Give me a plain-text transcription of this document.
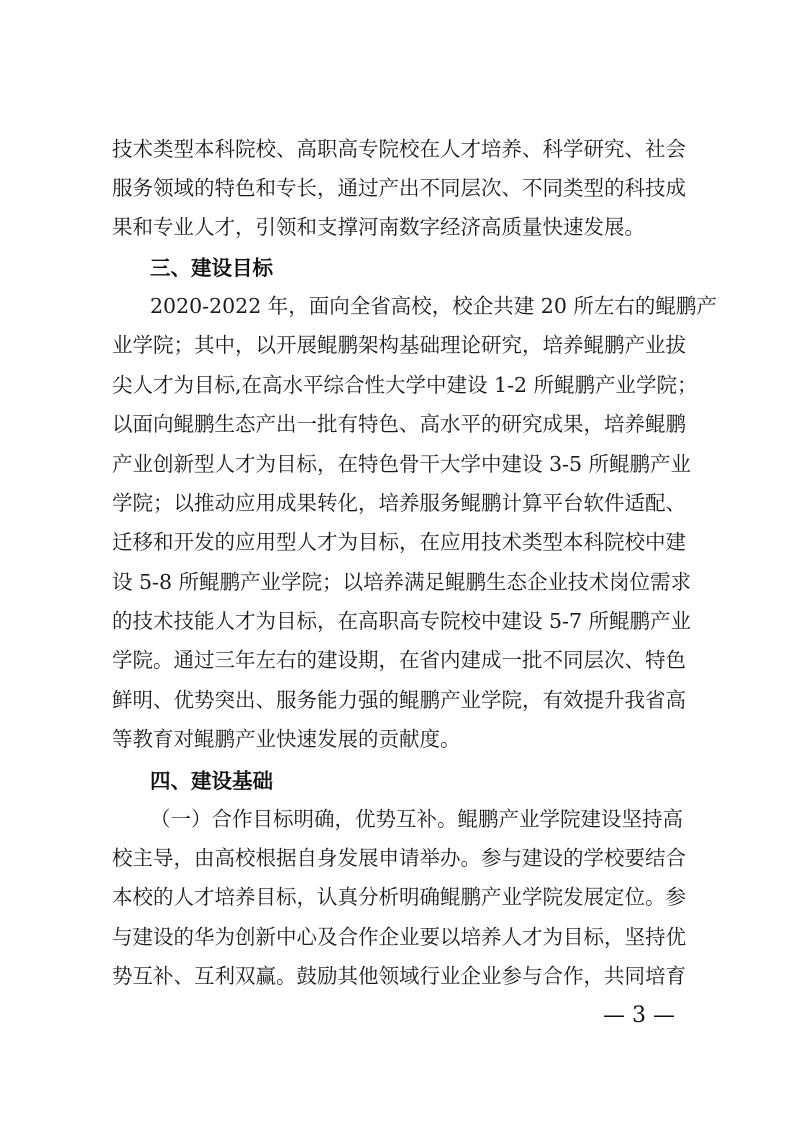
技术类型本科院校、高职高专院校在人才培养、科学研究、社会
服务领域的特色和专长，通过产出不同层次、不同类型的科技成
果和专业人才，引领和支撑河南数字经济高质量快速发展。
三、建设目标
2020-2022 年，面向全省高校，校企共建 20 所左右的鲲鹏产
业学院；其中，以开展鲲鹏架构基础理论研究，培养鲲鹏产业拔
尖人才为目标,在高水平综合性大学中建设 1-2 所鲲鹏产业学院；
以面向鲲鹏生态产出一批有特色、高水平的研究成果，培养鲲鹏
产业创新型人才为目标，在特色骨干大学中建设 3-5 所鲲鹏产业
学院；以推动应用成果转化，培养服务鲲鹏计算平台软件适配、
迁移和开发的应用型人才为目标，在应用技术类型本科院校中建
设 5-8 所鲲鹏产业学院；以培养满足鲲鹏生态企业技术岗位需求
的技术技能人才为目标，在高职高专院校中建设 5-7 所鲲鹏产业
学院。通过三年左右的建设期，在省内建成一批不同层次、特色
鲜明、优势突出、服务能力强的鲲鹏产业学院，有效提升我省高
等教育对鲲鹏产业快速发展的贡献度。
四、建设基础
（一）合作目标明确，优势互补。鲲鹏产业学院建设坚持高
校主导，由高校根据自身发展申请举办。参与建设的学校要结合
本校的人才培养目标，认真分析明确鲲鹏产业学院发展定位。参
与建设的华为创新中心及合作企业要以培养人才为目标，坚持优
势互补、互利双赢。鼓励其他领域行业企业参与合作，共同培育
— 3 —
